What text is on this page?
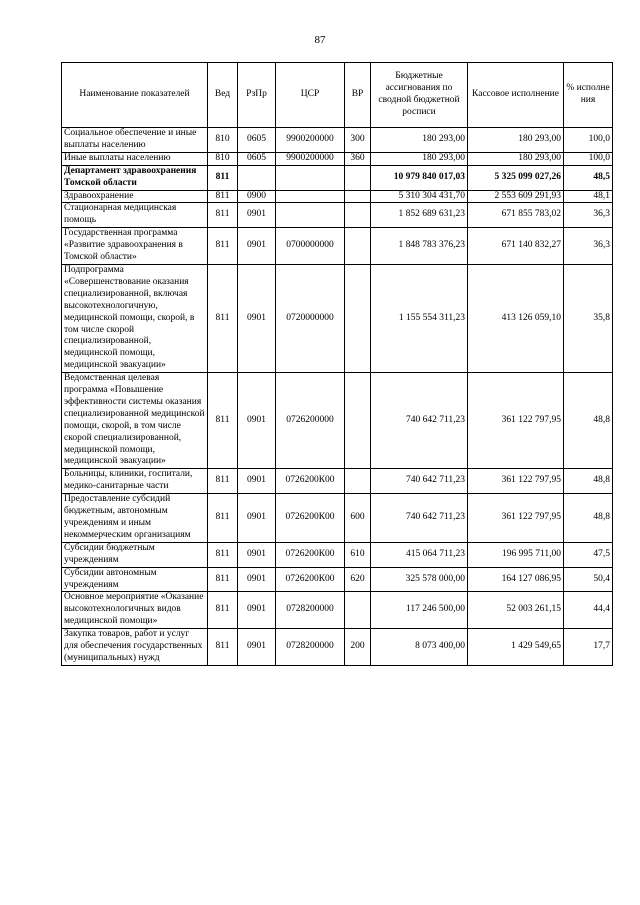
87
Наименование показателей	Вед	РзПр	ЦСР	ВР	Бюджетные ассигнования по сводной бюджетной росписи	Кассовое исполнение	% исполне ния
Социальное обеспечение и иные выплаты населению	810	0605	9900200000	300	180 293,00	180 293,00	100,0
Иные выплаты населению	810	0605	9900200000	360	180 293,00	180 293,00	100,0
Департамент здравоохранения Томской области	811				10 979 840 017,03	5 325 099 027,26	48,5
Здравоохранение	811	0900			5 310 304 431,70	2 553 609 291,93	48,1
Стационарная медицинская помощь	811	0901			1 852 689 631,23	671 855 783,02	36,3
Государственная программа «Развитие здравоохранения в Томской области»	811	0901	0700000000		1 848 783 376,23	671 140 832,27	36,3
Подпрограмма «Совершенствование оказания специализированной, включая высокотехнологичную, медицинской помощи, скорой, в том числе скорой специализированной, медицинской помощи, медицинской эвакуации»	811	0901	0720000000		1 155 554 311,23	413 126 059,10	35,8
Ведомственная целевая программа «Повышение эффективности системы оказания специализированной медицинской помощи, скорой, в том числе скорой специализированной, медицинской помощи, медицинской эвакуации»	811	0901	0726200000		740 642 711,23	361 122 797,95	48,8
Больницы, клиники, госпитали, медико-санитарные части	811	0901	0726200К00		740 642 711,23	361 122 797,95	48,8
Предоставление субсидий бюджетным, автономным учреждениям и иным некоммерческим организациям	811	0901	0726200К00	600	740 642 711,23	361 122 797,95	48,8
Субсидии бюджетным учреждениям	811	0901	0726200К00	610	415 064 711,23	196 995 711,00	47,5
Субсидии автономным учреждениям	811	0901	0726200К00	620	325 578 000,00	164 127 086,95	50,4
Основное мероприятие «Оказание высокотехнологичных видов медицинской помощи»	811	0901	0728200000		117 246 500,00	52 003 261,15	44,4
Закупка товаров, работ и услуг для обеспечения государственных (муниципальных) нужд	811	0901	0728200000	200	8 073 400,00	1 429 549,65	17,7
